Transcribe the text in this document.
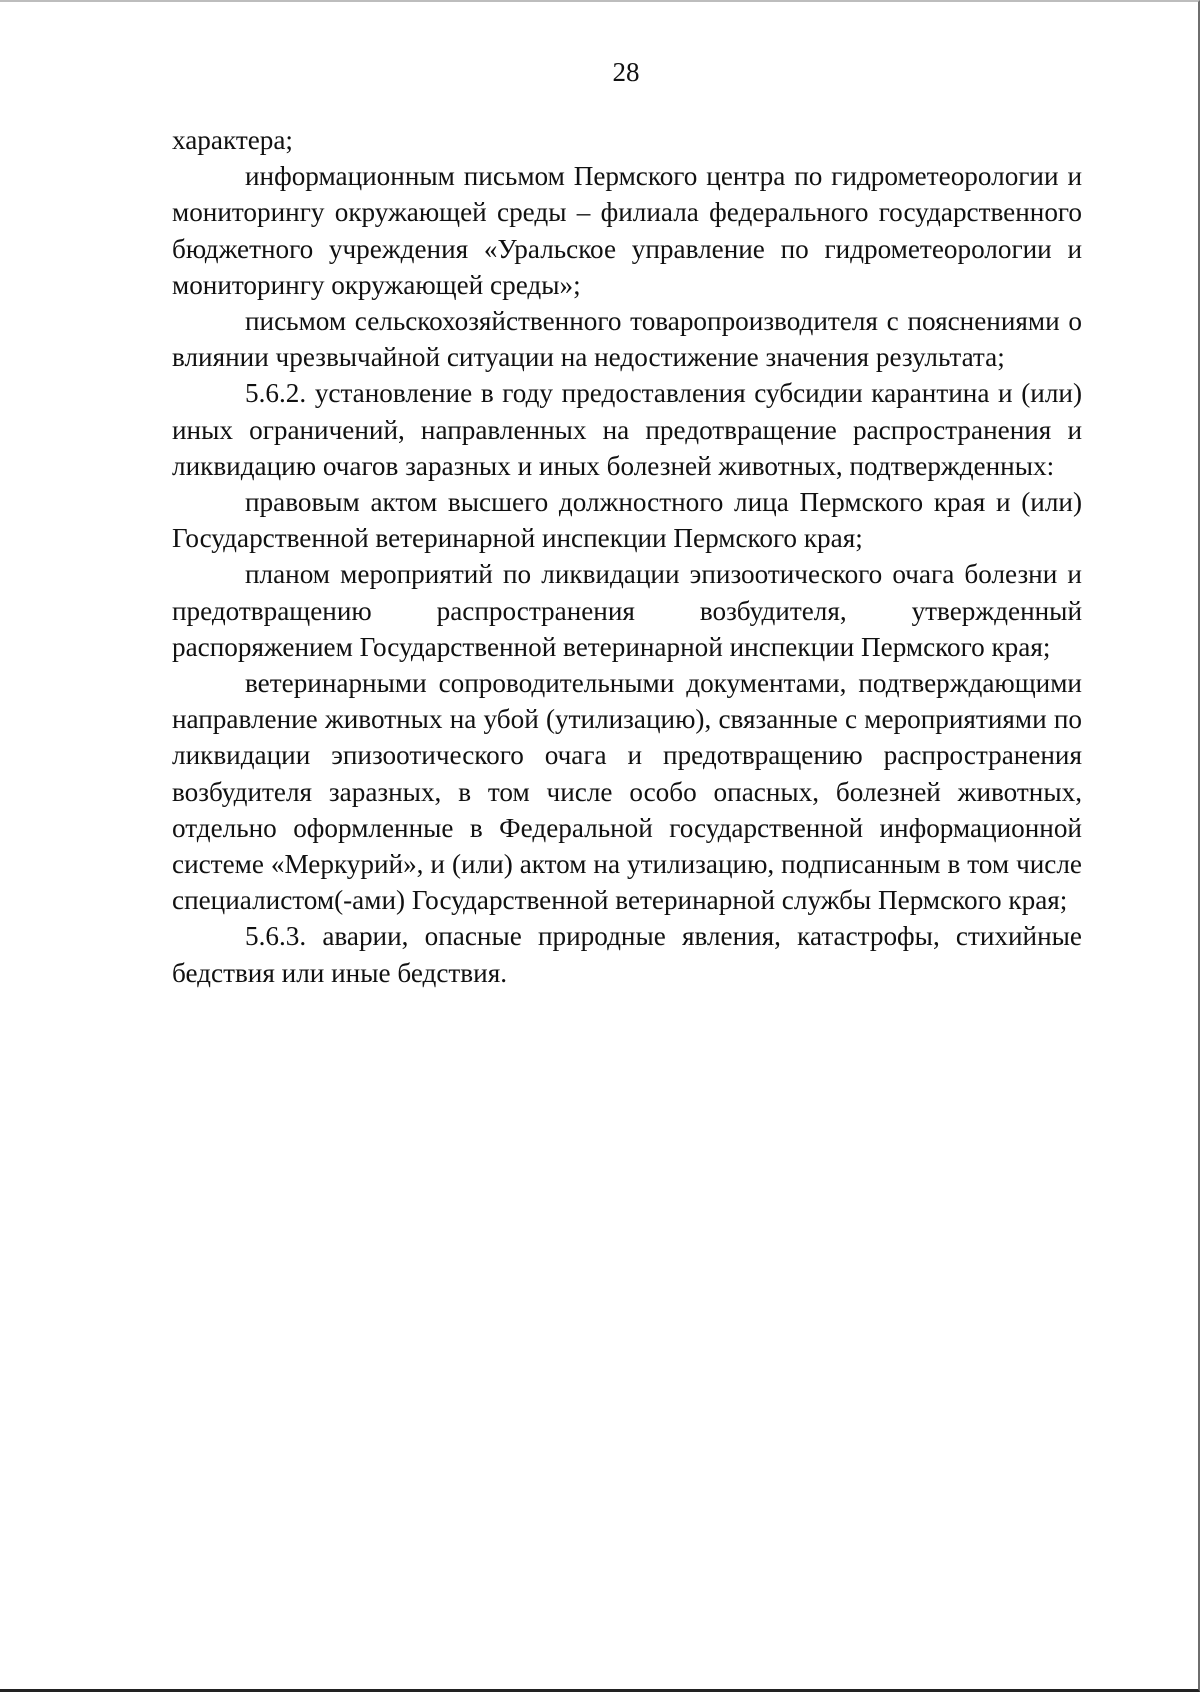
28

характера;

информационным письмом Пермского центра по гидрометеорологии и мониторингу окружающей среды – филиала федерального государственного бюджетного учреждения «Уральское управление по гидрометеорологии и мониторингу окружающей среды»;

письмом сельскохозяйственного товаропроизводителя с пояснениями о влиянии чрезвычайной ситуации на недостижение значения результата;

5.6.2. установление в году предоставления субсидии карантина и (или) иных ограничений, направленных на предотвращение распространения и ликвидацию очагов заразных и иных болезней животных, подтвержденных:

правовым актом высшего должностного лица Пермского края и (или) Государственной ветеринарной инспекции Пермского края;

планом мероприятий по ликвидации эпизоотического очага болезни и предотвращению распространения возбудителя, утвержденный распоряжением Государственной ветеринарной инспекции Пермского края;

ветеринарными сопроводительными документами, подтверждающими направление животных на убой (утилизацию), связанные с мероприятиями по ликвидации эпизоотического очага и предотвращению распространения возбудителя заразных, в том числе особо опасных, болезней животных, отдельно оформленные в Федеральной государственной информационной системе «Меркурий», и (или) актом на утилизацию, подписанным в том числе специалистом(-ами) Государственной ветеринарной службы Пермского края;

5.6.3. аварии, опасные природные явления, катастрофы, стихийные бедствия или иные бедствия.
